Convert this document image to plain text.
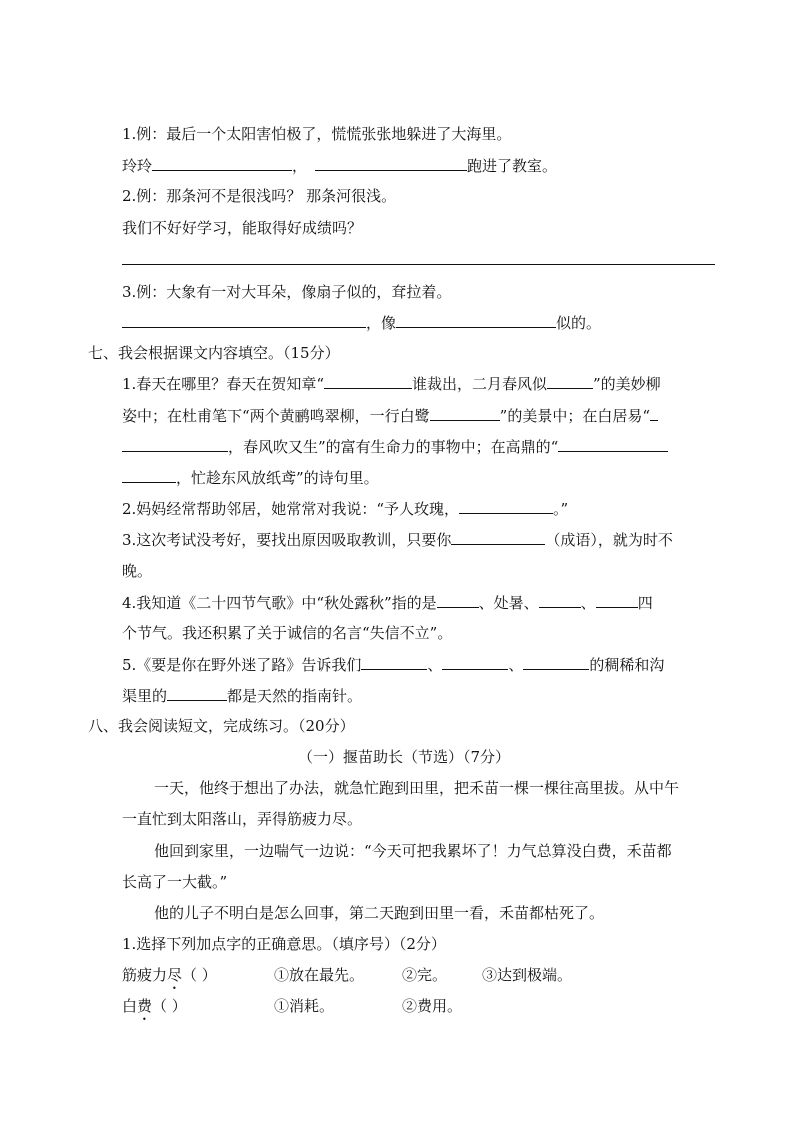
1.例：最后一个太阳害怕极了，慌慌张张地躲进了大海里。
玲玲	，	跑进了教室。
2.例：那条河不是很浅吗？ 那条河很浅。
我们不好好学习，能取得好成绩吗？
3.例：大象有一对大耳朵，像扇子似的，耷拉着。
，像	似的。
七、我会根据课文内容填空。（15分）
1.春天在哪里？春天在贺知章“	谁裁出，二月春风似	”的美妙柳
姿中；在杜甫笔下“两个黄鹂鸣翠柳，一行白鹭	”的美景中；在白居易“
，春风吹又生”的富有生命力的事物中；在高鼎的“
，忙趁东风放纸鸢”的诗句里。
2.妈妈经常帮助邻居，她常常对我说：“予人玫瑰，	。”
3.这次考试没考好，要找出原因吸取教训，只要你	（成语），就为时不
晚。
4.我知道《二十四节气歌》中“秋处露秋”指的是	、处暑、	、	四
个节气。我还积累了关于诚信的名言“失信不立”。
5.《要是你在野外迷了路》告诉我们	、	、	的稠稀和沟
渠里的	都是天然的指南针。
八、我会阅读短文，完成练习。（20分）
（一）揠苗助长（节选）（7分）
一天，他终于想出了办法，就急忙跑到田里，把禾苗一棵一棵往高里拔。从中午
一直忙到太阳落山，弄得筋疲力尽。
他回到家里，一边喘气一边说：“今天可把我累坏了！力气总算没白费，禾苗都
长高了一大截。”
他的儿子不明白是怎么回事，第二天跑到田里一看，禾苗都枯死了。
1.选择下列加点字的正确意思。（填序号）（2分）
筋疲力尽（ ）	①放在最先。	②完。 ③达到极端。
白费（ ）	①消耗。	②费用。
